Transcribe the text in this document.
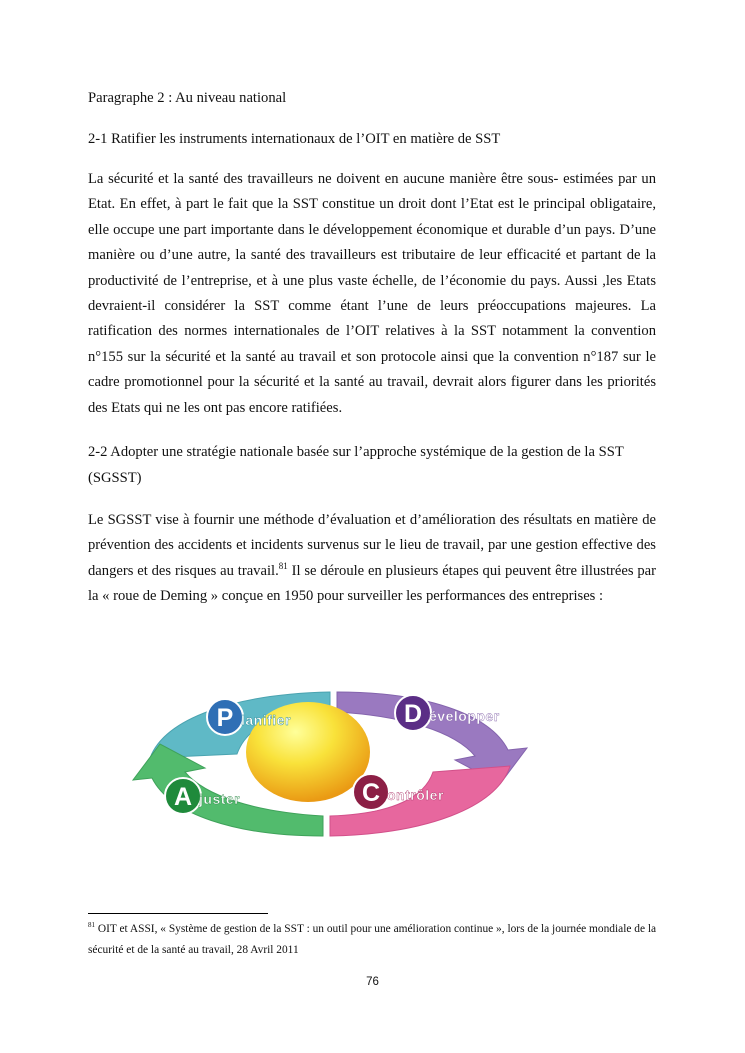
Paragraphe 2 : Au niveau national

2-1 Ratifier les instruments internationaux de l’OIT en matière de SST

La sécurité et la santé des travailleurs ne doivent en aucune manière être sous- estimées par un Etat. En effet, à part le fait que la SST constitue un droit dont l’Etat est le principal obligataire, elle occupe une part importante dans le développement économique et durable d’un pays. D’une manière ou d’une autre, la santé des travailleurs est tributaire de leur efficacité et partant de la productivité de l’entreprise, et à une plus vaste échelle, de l’économie du pays. Aussi ,les Etats devraient-il considérer la SST comme étant l’une de leurs préoccupations majeures. La ratification des normes internationales de l’OIT relatives à la SST notamment la convention n°155 sur la sécurité et la santé au travail et son protocole ainsi que la convention n°187 sur le cadre promotionnel pour la sécurité et la santé au travail, devrait alors figurer dans les priorités des Etats qui ne les ont pas encore ratifiées.

2-2 Adopter une stratégie nationale basée sur l’approche systémique de la gestion de la SST

(SGSST)

Le SGSST vise à fournir une méthode d’évaluation et d’amélioration des résultats en matière de prévention des accidents et incidents survenus sur le lieu de travail, par une gestion effective des dangers et des risques au travail.$^{81}$ Il se déroule en plusieurs étapes qui peuvent être illustrées par la « roue de Deming » conçue en 1950 pour surveiller les performances des entreprises :

P lanifier	D évelopper
C ontrôler
A juster

$^{81}$ OIT et ASSI, « Système de gestion de la SST : un outil pour une amélioration continue », lors de la journée mondiale de la sécurité et de la santé au travail, 28 Avril 2011

76
